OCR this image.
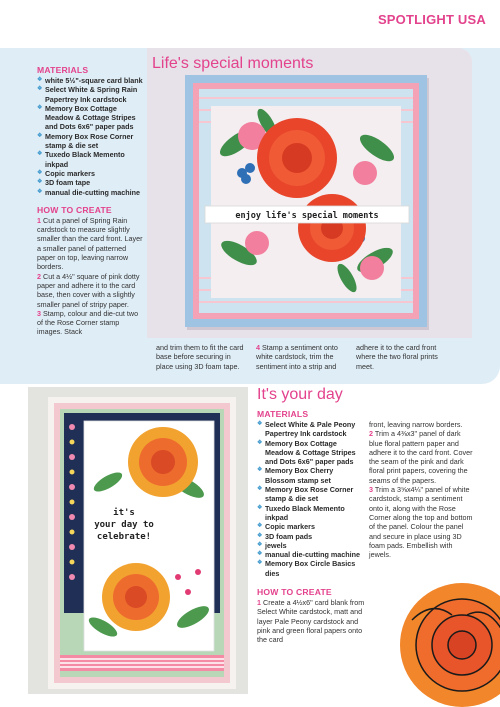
SPOTLIGHT USA
enjoy life's special moments
Life's special moments
MATERIALS
❖ white 5½"-square card blank
❖ Select White & Spring Rain Papertrey Ink cardstock
❖ Memory Box Cottage Meadow & Cottage Stripes and Dots 6x6" paper pads
❖ Memory Box Rose Corner stamp & die set
❖ Tuxedo Black Memento inkpad
❖ Copic markers
❖ 3D foam tape
❖ manual die-cutting machine
HOW TO CREATE

1 Cut a panel of Spring Rain cardstock to measure slightly smaller than the card front. Layer a smaller panel of patterned paper on top, leaving narrow borders.

2 Cut a 4½" square of pink dotty paper and adhere it to the card base, then cover with a slightly smaller panel of stripy paper.

3 Stamp, colour and die-cut two of the Rose Corner stamp images. Stack

and trim them to fit the card base before securing in place using 3D foam tape.
4 Stamp a sentiment onto white cardstock, trim the sentiment into a strip and
adhere it to the card front where the two floral prints meet.
it's
your day to
celebrate!
It's your day
MATERIALS
❖ Select White & Pale Peony Papertrey Ink cardstock
❖ Memory Box Cottage Meadow & Cottage Stripes and Dots 6x6" paper pads
❖ Memory Box Cherry Blossom stamp set
❖ Memory Box Rose Corner stamp & die set
❖ Tuxedo Black Memento inkpad
❖ Copic markers
❖ 3D foam pads
❖ jewels
❖ manual die-cutting machine
❖ Memory Box Circle Basics dies
HOW TO CREATE

1 Create a 4½x6" card blank from Select White cardstock, matt and layer Pale Peony cardstock and pink and green floral papers onto the card

front, leaving narrow borders.

2 Trim a 4⅜x3" panel of dark blue floral pattern paper and adhere it to the card front. Cover the seam of the pink and dark floral print papers, covering the seams of the papers.

3 Trim a 3⅝x4¼" panel of white cardstock, stamp a sentiment onto it, along with the Rose Corner along the top and bottom of the panel. Colour the panel and secure in place using 3D foam pads. Embellish with jewels.
